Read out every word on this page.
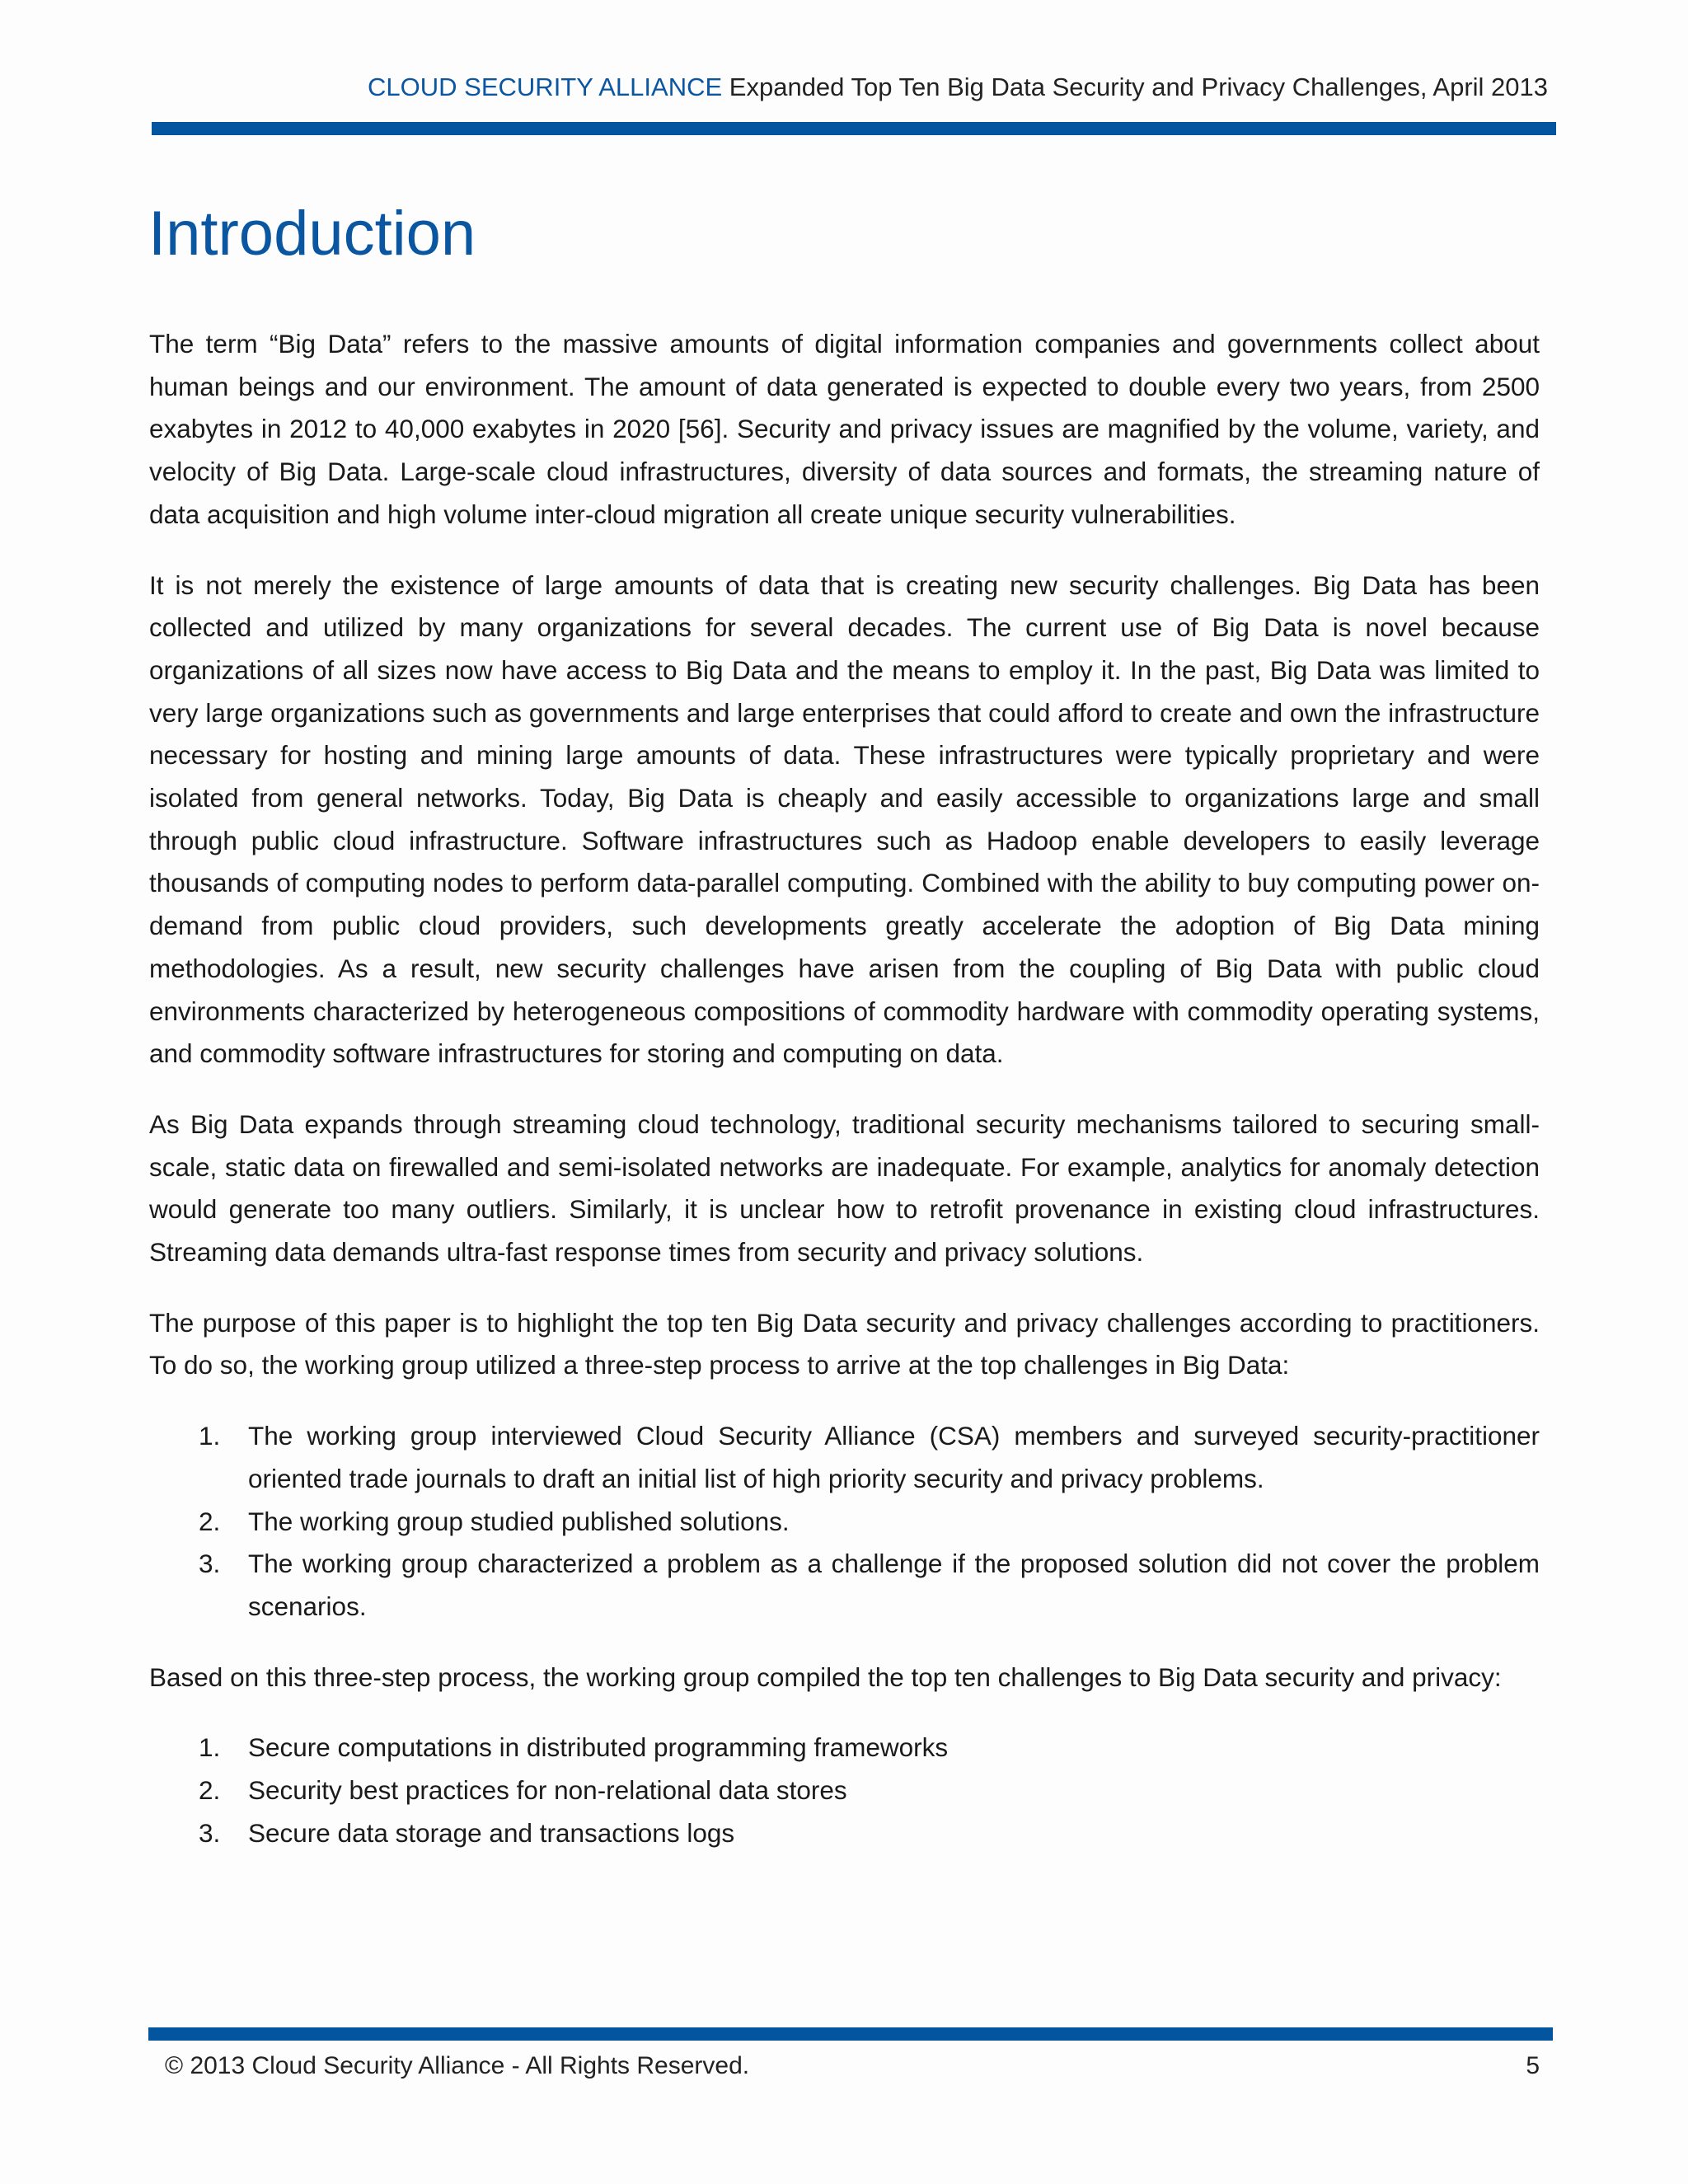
CLOUD SECURITY ALLIANCE Expanded Top Ten Big Data Security and Privacy Challenges, April 2013
Introduction

The term “Big Data” refers to the massive amounts of digital information companies and governments collect about human beings and our environment. The amount of data generated is expected to double every two years, from 2500 exabytes in 2012 to 40,000 exabytes in 2020 [56]. Security and privacy issues are magnified by the volume, variety, and velocity of Big Data. Large-scale cloud infrastructures, diversity of data sources and formats, the streaming nature of data acquisition and high volume inter-cloud migration all create unique security vulnerabilities.

It is not merely the existence of large amounts of data that is creating new security challenges. Big Data has been collected and utilized by many organizations for several decades. The current use of Big Data is novel because organizations of all sizes now have access to Big Data and the means to employ it. In the past, Big Data was limited to very large organizations such as governments and large enterprises that could afford to create and own the infrastructure necessary for hosting and mining large amounts of data. These infrastructures were typically proprietary and were isolated from general networks. Today, Big Data is cheaply and easily accessible to organizations large and small through public cloud infrastructure. Software infrastructures such as Hadoop enable developers to easily leverage thousands of computing nodes to perform data-parallel computing. Combined with the ability to buy computing power on-demand from public cloud providers, such developments greatly accelerate the adoption of Big Data mining methodologies. As a result, new security challenges have arisen from the coupling of Big Data with public cloud environments characterized by heterogeneous compositions of commodity hardware with commodity operating systems, and commodity software infrastructures for storing and computing on data.

As Big Data expands through streaming cloud technology, traditional security mechanisms tailored to securing small-scale, static data on firewalled and semi-isolated networks are inadequate. For example, analytics for anomaly detection would generate too many outliers. Similarly, it is unclear how to retrofit provenance in existing cloud infrastructures. Streaming data demands ultra-fast response times from security and privacy solutions.

The purpose of this paper is to highlight the top ten Big Data security and privacy challenges according to practitioners. To do so, the working group utilized a three-step process to arrive at the top challenges in Big Data:

1. The working group interviewed Cloud Security Alliance (CSA) members and surveyed security-practitioner oriented trade journals to draft an initial list of high priority security and privacy problems.
2. The working group studied published solutions.
3. The working group characterized a problem as a challenge if the proposed solution did not cover the problem scenarios.

Based on this three-step process, the working group compiled the top ten challenges to Big Data security and privacy:

1. Secure computations in distributed programming frameworks
2. Security best practices for non-relational data stores
3. Secure data storage and transactions logs
© 2013 Cloud Security Alliance - All Rights Reserved.	5
